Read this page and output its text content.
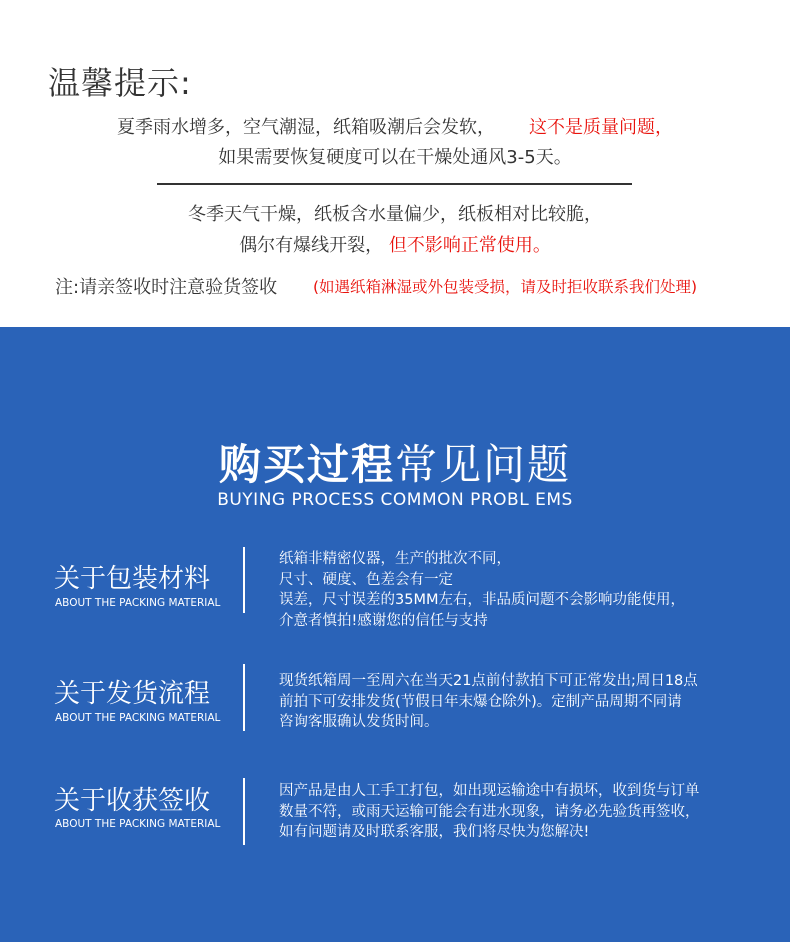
温馨提示:
夏季雨水增多，空气潮湿，纸箱吸潮后会发软， 这不是质量问题，
如果需要恢复硬度可以在干燥处通风3-5天。
冬季天气干燥，纸板含水量偏少，纸板相对比较脆，
偶尔有爆线开裂， 但不影响正常使用。
注:请亲签收时注意验货签收 (如遇纸箱淋湿或外包装受损，请及时拒收联系我们处理)
购买过程常见问题
BUYING PROCESS COMMON PROBL EMS
关于包装材料
ABOUT THE PACKING MATERIAL
纸箱非精密仪器，生产的批次不同，
尺寸、硬度、色差会有一定
误差，尺寸误差的35MM左右，非品质问题不会影响功能使用，
介意者慎拍!感谢您的信任与支持
关于发货流程
ABOUT THE PACKING MATERIAL
现货纸箱周一至周六在当天21点前付款拍下可正常发出;周日18点
前拍下可安排发货(节假日年末爆仓除外)。定制产品周期不同请
咨询客服确认发货时间。
关于收获签收
ABOUT THE PACKING MATERIAL
因产品是由人工手工打包，如出现运输途中有损坏，收到货与订单
数量不符，或雨天运输可能会有进水现象，请务必先验货再签收，
如有问题请及时联系客服，我们将尽快为您解决!
